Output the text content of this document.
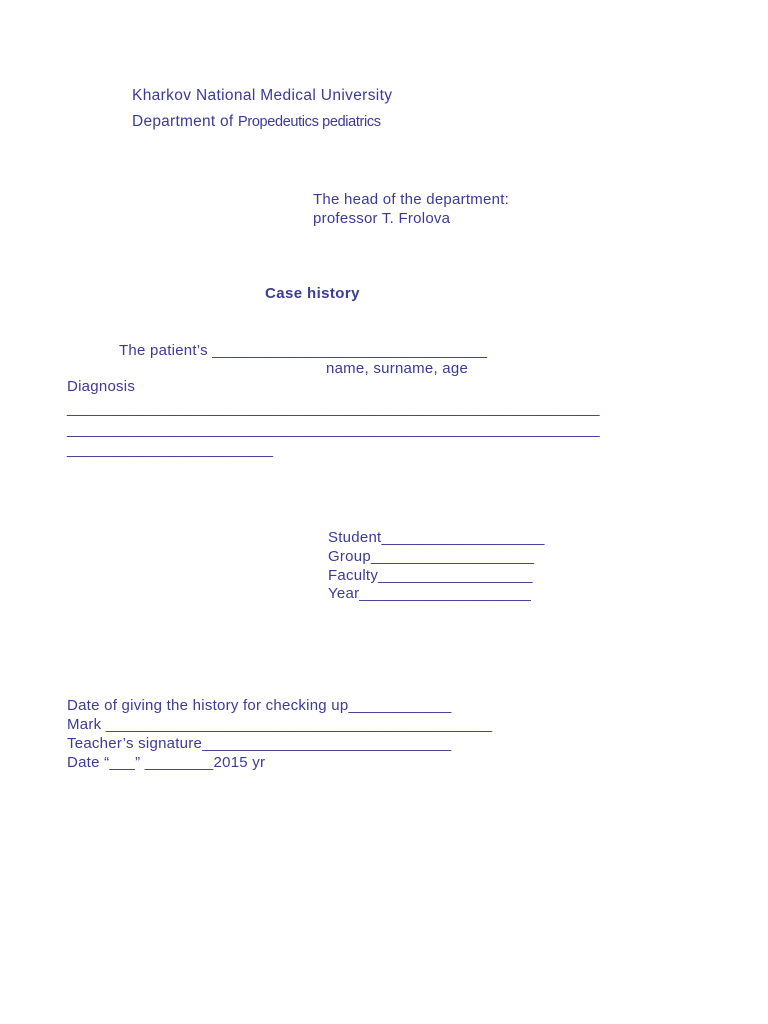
Kharkov National Medical University
Department of Propedeutics pediatrics
The head of the department:
professor T. Frolova
Case history
The patient’s ________________________________
name, surname, age
Diagnosis
______________________________________________________________
______________________________________________________________
________________________
Student___________________
Group___________________
Faculty__________________
Year____________________
Date of giving the history for checking up____________
Mark _____________________________________________
Teacher’s signature_____________________________
Date “___” ________2015 yr
